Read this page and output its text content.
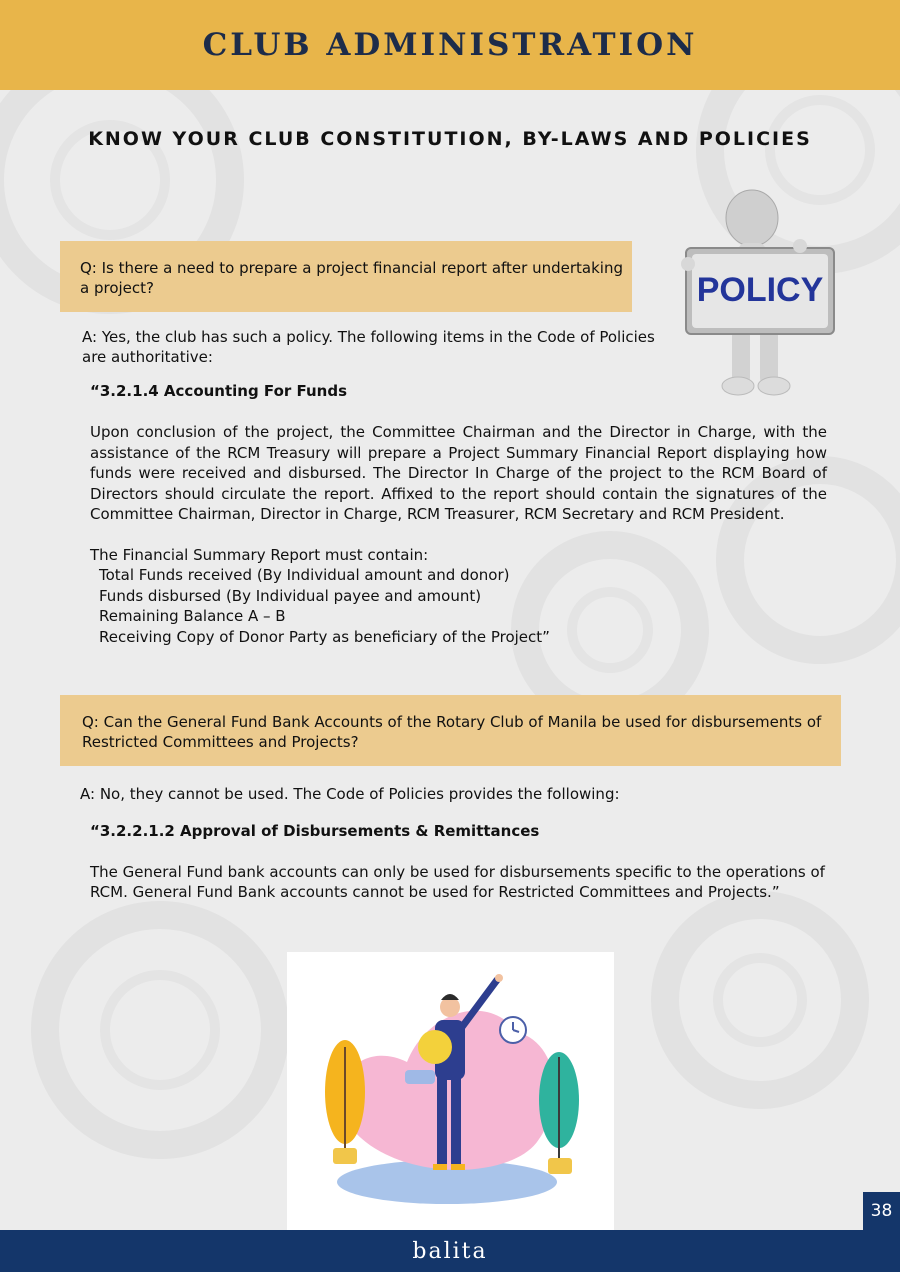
CLUB ADMINISTRATION
KNOW YOUR CLUB CONSTITUTION, BY-LAWS AND POLICIES
Q: Is there a need to prepare a project financial report after undertaking
a project?
A: Yes, the club has such a policy. The following items in the Code of Policies
are authoritative:
“3.2.1.4 Accounting For Funds
Upon conclusion of the project, the Committee Chairman and the Director in Charge, with the assistance of the RCM Treasury will prepare a Project Summary Financial Report displaying how funds were received and disbursed. The Director In Charge of the project to the RCM Board of Directors should circulate the report. Affixed to the report should contain the signatures of the Committee Chairman, Director in Charge, RCM Treasurer, RCM Secretary and RCM President.
The Financial Summary Report must contain:
Total Funds received (By Individual amount and donor)
Funds disbursed (By Individual payee and amount)
Remaining Balance A – B
Receiving Copy of Donor Party as beneficiary of the Project”
POLICY
Q: Can the General Fund Bank Accounts of the Rotary Club of Manila be used for disbursements of
Restricted Committees and Projects?
A: No, they cannot be used. The Code of Policies provides the following:
“3.2.2.1.2 Approval of Disbursements & Remittances
The General Fund bank accounts can only be used for disbursements specific to the operations of
RCM. General Fund Bank accounts cannot be used for Restricted Committees and Projects.”
38
balita
